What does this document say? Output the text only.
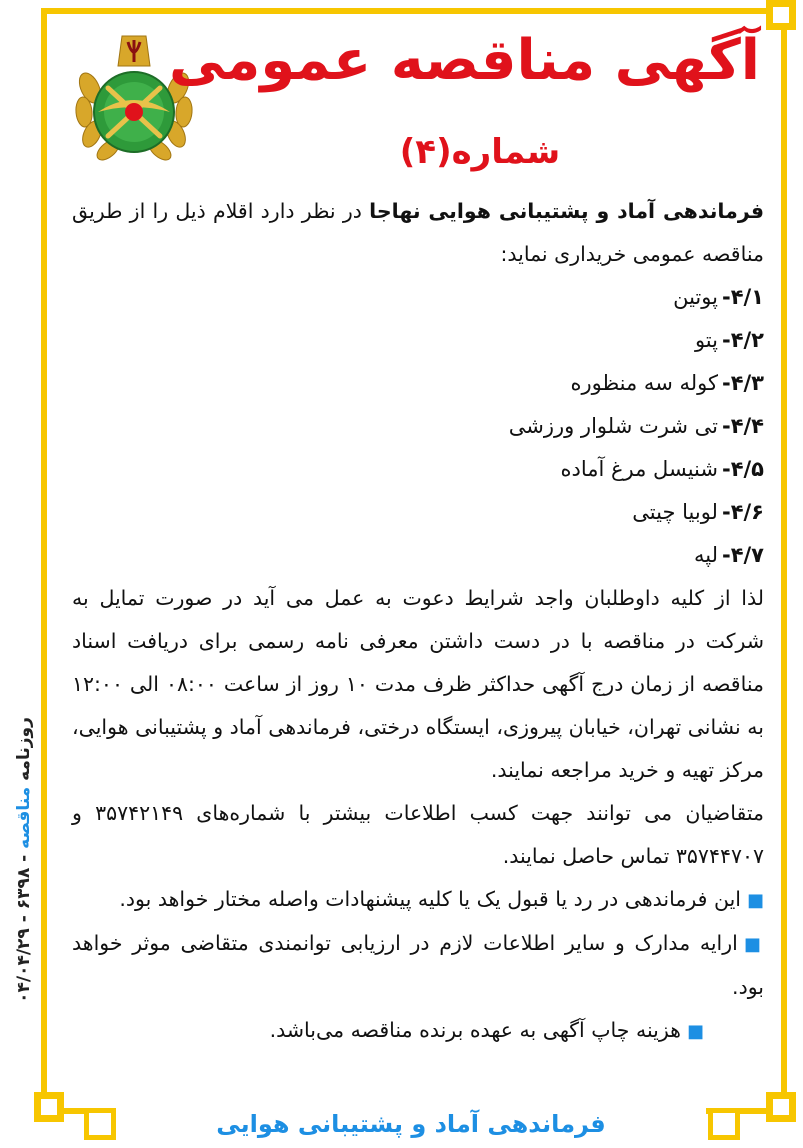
آگهی مناقصه عمومی
شماره(۴)

فرماندهی آماد و پشتیبانی هوایی نهاجا در نظر دارد اقلام ذیل را از طریق مناقصه عمومی خریداری نماید:

۴/۱-پوتین

۴/۲-پتو

۴/۳-کوله سه منظوره

۴/۴-تی شرت شلوار ورزشی

۴/۵-شنیسل مرغ آماده

۴/۶-لوبیا چیتی

۴/۷-لپه

لذا از کلیه داوطلبان واجد شرایط دعوت به عمل می آید در صورت تمایل به شرکت در مناقصه با در دست داشتن معرفی نامه رسمی برای دریافت اسناد مناقصه از زمان درج آگهی حداکثر ظرف مدت ۱۰ روز از ساعت ۰۸:۰۰ الی ۱۲:۰۰ به نشانی تهران، خیابان پیروزی، ایستگاه درختی، فرماندهی آماد و پشتیبانی هوایی، مرکز تهیه و خرید مراجعه نمایند.

متقاضیان می توانند جهت کسب اطلاعات بیشتر با شماره‌های ۳۵۷۴۲۱۴۹ و ۳۵۷۴۴۷۰۷ تماس حاصل نمایند.

■این فرماندهی در رد یا قبول یک یا کلیه پیشنهادات واصله مختار خواهد بود.

■ارایه مدارک و سایر اطلاعات لازم در ارزیابی توانمندی متقاضی موثر خواهد بود.

■هزینه چاپ آگهی به عهده برنده مناقصه می‌باشد.

روزنامه مناقصه - ۶۳۹۸ - ۰۴/۰۴/۲۹
فرماندهی آماد و پشتیبانی هوایی
